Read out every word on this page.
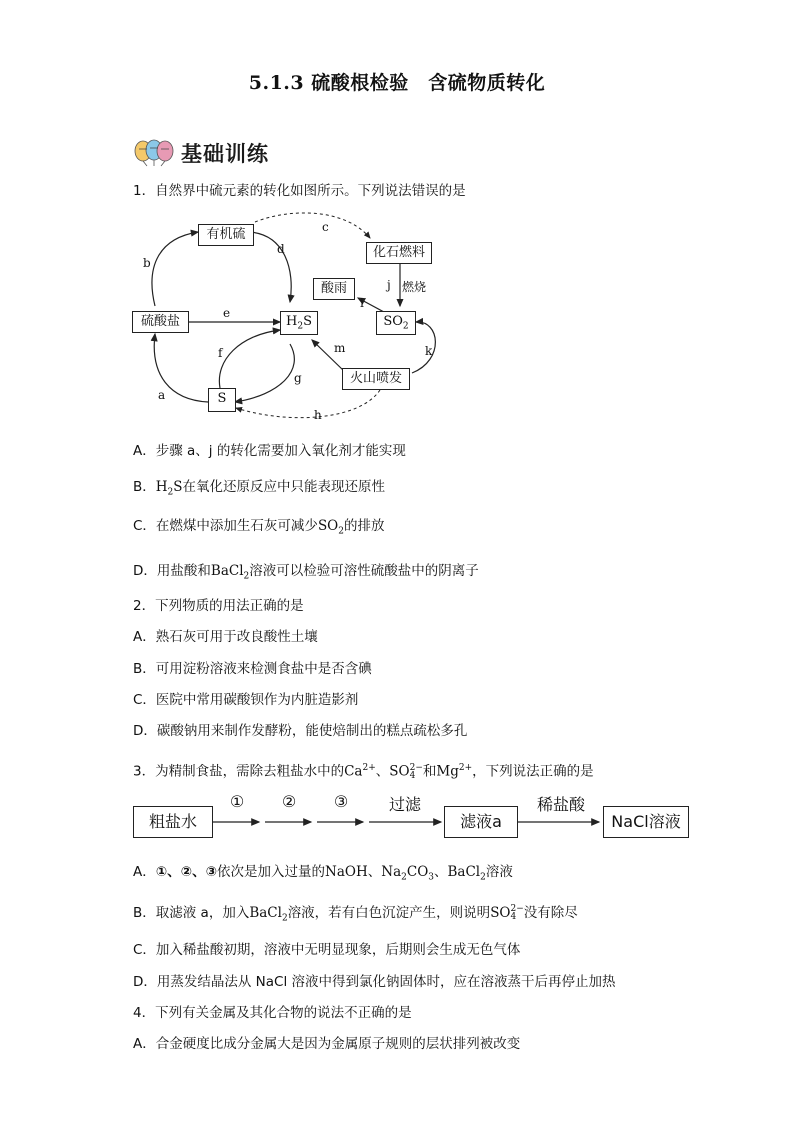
5.1.3 硫酸根检验　含硫物质转化
基础训练
1．自然界中硫元素的转化如图所示。下列说法错误的是
有机硫
化石燃料
酸雨
硫酸盐	$H_2S$	$SO_2$
火山喷发
S
b
d
c
e
j 燃烧
i
f
g
a
m	k
h
A．步骤 a、j 的转化需要加入氧化剂才能实现
B．$H_2S$在氧化还原反应中只能表现还原性
C．在燃煤中添加生石灰可减少$SO_2$的排放
D．用盐酸和BaCl$_2$溶液可以检验可溶性硫酸盐中的阴离子
2．下列物质的用法正确的是
A．熟石灰可用于改良酸性土壤
B．可用淀粉溶液来检测食盐中是否含碘
C．医院中常用碳酸钡作为内脏造影剂
D．碳酸钠用来制作发酵粉，能使焙制出的糕点疏松多孔
3．为精制食盐，需除去粗盐水中的$Ca^{2+}$、SO 2−
4 和$Mg^{2+}$，下列说法正确的是
粗盐水
①	②	③	过滤
滤液a
稀盐酸
NaCl溶液
A．①、②、③依次是加入过量的NaOH、$Na_2CO_3$、BaCl$_2$溶液
B．取滤液 a，加入BaCl$_2$溶液，若有白色沉淀产生，则说明SO 2−
4 没有除尽
C．加入稀盐酸初期，溶液中无明显现象，后期则会生成无色气体
D．用蒸发结晶法从 NaCl 溶液中得到氯化钠固体时，应在溶液蒸干后再停止加热
4．下列有关金属及其化合物的说法不正确的是
A．合金硬度比成分金属大是因为金属原子规则的层状排列被改变
